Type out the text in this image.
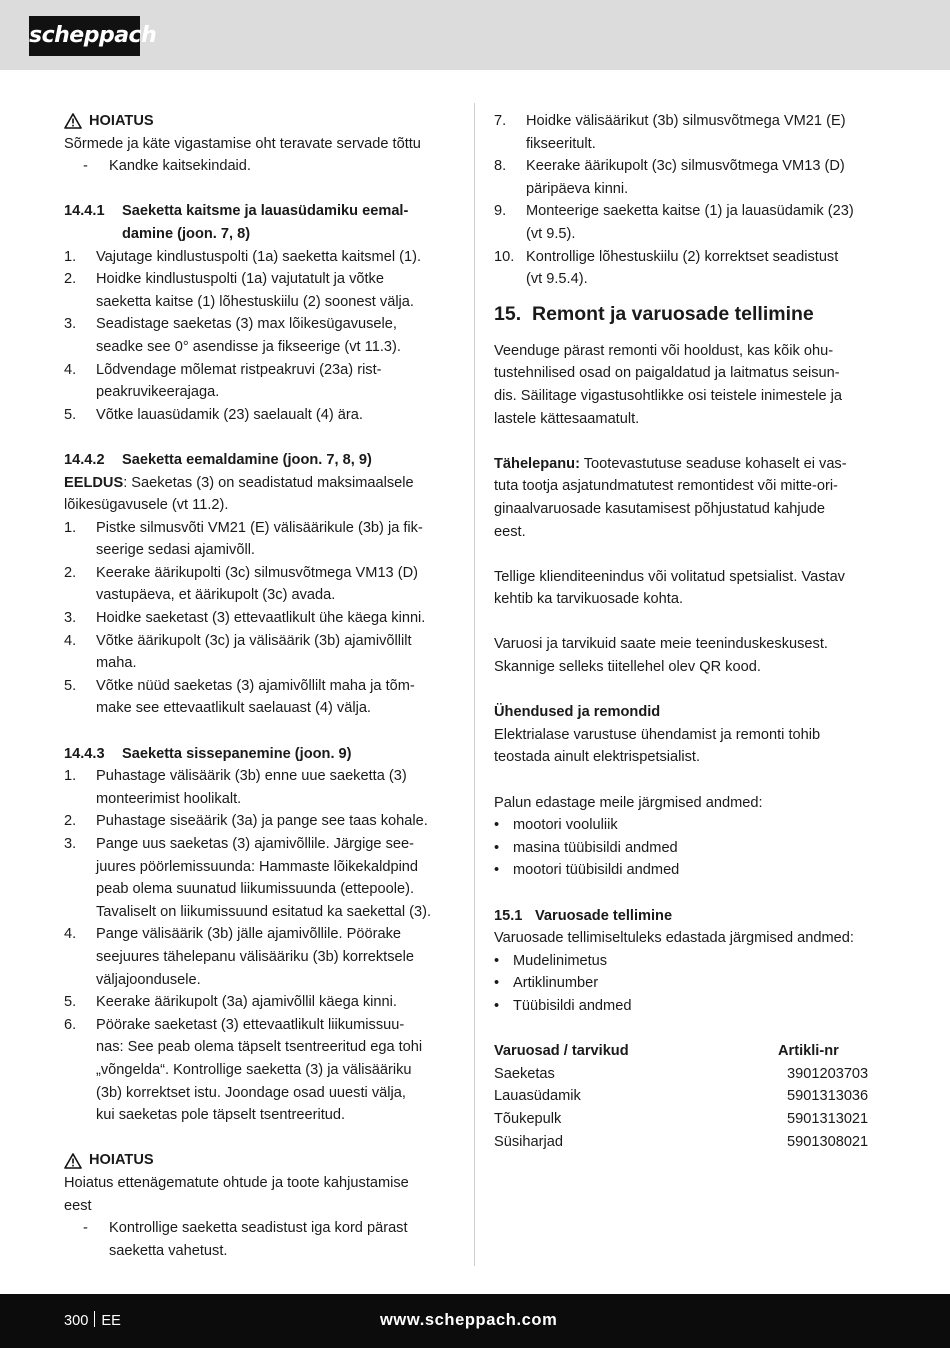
scheppach
HOIATUS
Sõrmede ja käte vigastamise oht teravate servade tõttu
-	Kandke kaitsekindaid.
14.4.1	Saeketta kaitsme ja lauasüdamiku eemal-
damine (joon. 7, 8)
1.	Vajutage kindlustuspolti (1a) saeketta kaitsmel (1).
2.	Hoidke kindlustuspolti (1a) vajutatult ja võtke
saeketta kaitse (1) lõhestuskiilu (2) soonest välja.
3.	Seadistage saeketas (3) max lõikesügavusele,
seadke see 0° asendisse ja fikseerige (vt 11.3).
4.	Lõdvendage mõlemat ristpeakruvi (23a) rist-
peakruvikeerajaga.
5.	Võtke lauasüdamik (23) saelaualt (4) ära.
14.4.2	Saeketta eemaldamine (joon. 7, 8, 9)
EELDUS: Saeketas (3) on seadistatud maksimaalsele
lõikesügavusele (vt 11.2).
1.	Pistke silmusvõti VM21 (E) välisäärikule (3b) ja fik-
seerige sedasi ajamivõll.
2.	Keerake äärikupolti (3c) silmusvõtmega VM13 (D)
vastupäeva, et äärikupolt (3c) avada.
3.	Hoidke saeketast (3) ettevaatlikult ühe käega kinni.
4.	Võtke äärikupolt (3c) ja välisäärik (3b) ajamivõllilt
maha.
5.	Võtke nüüd saeketas (3) ajamivõllilt maha ja tõm-
make see ettevaatlikult saelauast (4) välja.
14.4.3	Saeketta sissepanemine (joon. 9)
1.	Puhastage välisäärik (3b) enne uue saeketta (3)
monteerimist hoolikalt.
2.	Puhastage siseäärik (3a) ja pange see taas kohale.
3.	Pange uus saeketas (3) ajamivõllile. Järgige see-
juures pöörlemissuunda: Hammaste lõikekaldpind
peab olema suunatud liikumissuunda (ettepoole).
Tavaliselt on liikumissuund esitatud ka saekettal (3).
4.	Pange välisäärik (3b) jälle ajamivõllile. Pöörake
seejuures tähelepanu välisääriku (3b) korrektsele
väljajoondusele.
5.	Keerake äärikupolt (3a) ajamivõllil käega kinni.
6.	Pöörake saeketast (3) ettevaatlikult liikumissuu-
nas: See peab olema täpselt tsentreeritud ega tohi
„võngelda“. Kontrollige saeketta (3) ja välisääriku
(3b) korrektset istu. Joondage osad uuesti välja,
kui saeketas pole täpselt tsentreeritud.
HOIATUS
Hoiatus ettenägematute ohtude ja toote kahjustamise
eest
-	Kontrollige saeketta seadistust iga kord pärast
saeketta vahetust.
7.	Hoidke välisäärikut (3b) silmusvõtmega VM21 (E)
fikseeritult.
8.	Keerake äärikupolt (3c) silmusvõtmega VM13 (D)
päripäeva kinni.
9.	Monteerige saeketta kaitse (1) ja lauasüdamik (23)
(vt 9.5).
10. Kontrollige lõhestuskiilu (2) korrektset seadistust
(vt 9.5.4).
15. Remont ja varuosade tellimine
Veenduge pärast remonti või hooldust, kas kõik ohu-
tustehnilised osad on paigaldatud ja laitmatus seisun-
dis. Säilitage vigastusohtlikke osi teistele inimestele ja
lastele kättesaamatult.
Tähelepanu: Tootevastutuse seaduse kohaselt ei vas-
tuta tootja asjatundmatutest remontidest või mitte-ori-
ginaalvaruosade kasutamisest põhjustatud kahjude
eest.
Tellige klienditeenindus või volitatud spetsialist. Vastav
kehtib ka tarvikuosade kohta.
Varuosi ja tarvikuid saate meie teeninduskeskusest.
Skannige selleks tiitellehel olev QR kood.
Ühendused ja remondid
Elektrialase varustuse ühendamist ja remonti tohib
teostada ainult elektrispetsialist.
Palun edastage meile järgmised andmed:
• mootori vooluliik
• masina tüübisildi andmed
• mootori tüübisildi andmed
15.1 Varuosade tellimine
Varuosade tellimiseltuleks edastada järgmised andmed:
• Mudelinimetus
• Artiklinumber
• Tüübisildi andmed
Varuosad / tarvikud	Artikli-nr
Saeketas	3901203703
Lauasüdamik	5901313036
Tõukepulk	5901313021
Süsiharjad	5901308021
300 EE	www.scheppach.com
